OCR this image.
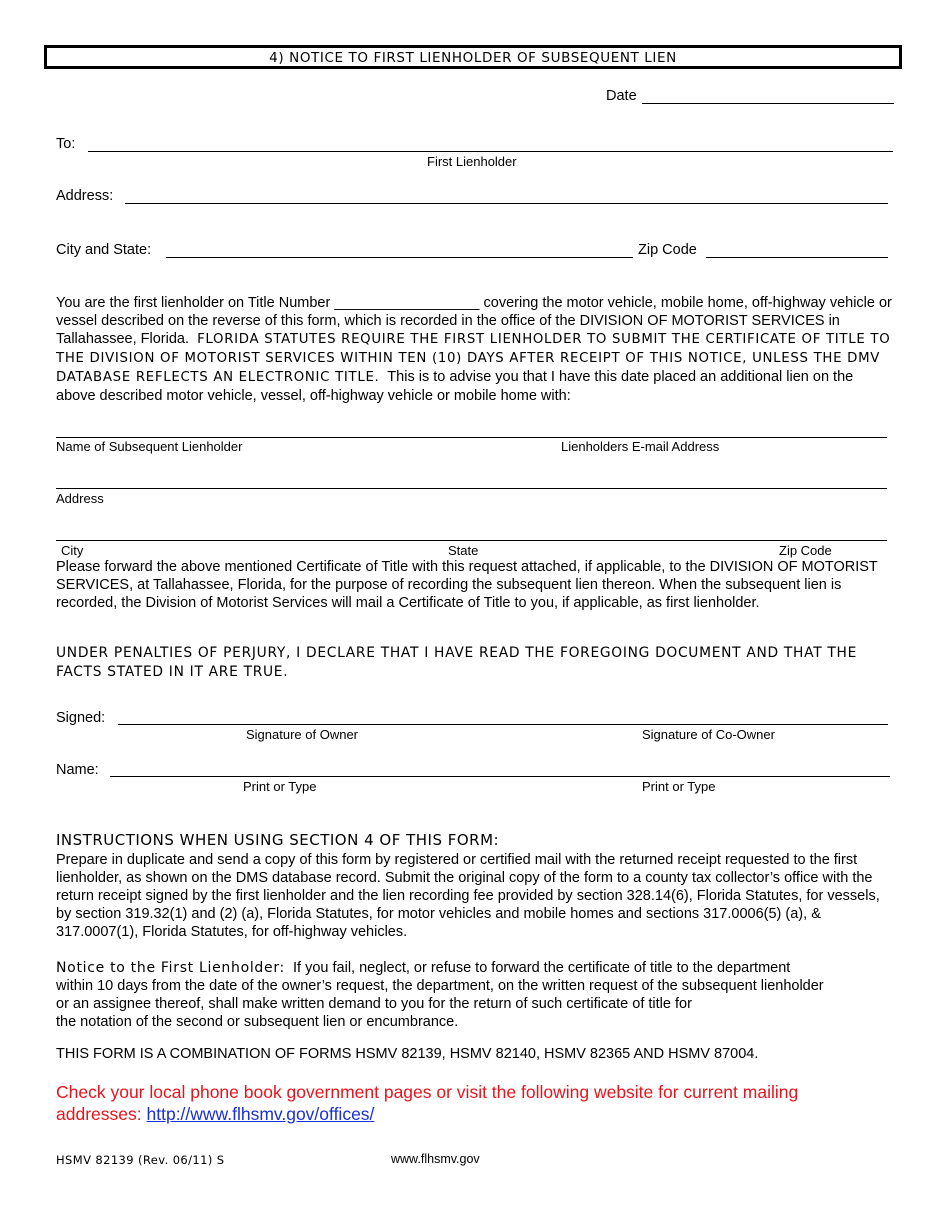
4) NOTICE TO FIRST LIENHOLDER OF SUBSEQUENT LIEN
Date
To:
First Lienholder
Address:
City and State:	Zip Code
You are the first lienholder on Title Number __________________ covering the motor vehicle, mobile home, off-highway vehicle or vessel described on the reverse of this form, which is recorded in the office of the DIVISION OF MOTORIST SERVICES in Tallahassee, Florida. FLORIDA STATUTES REQUIRE THE FIRST LIENHOLDER TO SUBMIT THE CERTIFICATE OF TITLE TO THE DIVISION OF MOTORIST SERVICES WITHIN TEN (10) DAYS AFTER RECEIPT OF THIS NOTICE, UNLESS THE DMV DATABASE REFLECTS AN ELECTRONIC TITLE. This is to advise you that I have this date placed an additional lien on the above described motor vehicle, vessel, off-highway vehicle or mobile home with:
Name of Subsequent Lienholder	Lienholders E-mail Address
Address
City	State	Zip Code
Please forward the above mentioned Certificate of Title with this request attached, if applicable, to the DIVISION OF MOTORIST SERVICES, at Tallahassee, Florida, for the purpose of recording the subsequent lien thereon. When the subsequent lien is recorded, the Division of Motorist Services will mail a Certificate of Title to you, if applicable, as first lienholder.
UNDER PENALTIES OF PERJURY, I DECLARE THAT I HAVE READ THE FOREGOING DOCUMENT AND THAT THE FACTS STATED IN IT ARE TRUE.
Signed:
Signature of Owner	Signature of Co-Owner
Name:
Print or Type	Print or Type
INSTRUCTIONS WHEN USING SECTION 4 OF THIS FORM:
Prepare in duplicate and send a copy of this form by registered or certified mail with the returned receipt requested to the first lienholder, as shown on the DMS database record. Submit the original copy of the form to a county tax collector’s office with the return receipt signed by the first lienholder and the lien recording fee provided by section 328.14(6), Florida Statutes, for vessels, by section 319.32(1) and (2) (a), Florida Statutes, for motor vehicles and mobile homes and sections 317.0006(5) (a), & 317.0007(1), Florida Statutes, for off-highway vehicles.
Notice to the First Lienholder: If you fail, neglect, or refuse to forward the certificate of title to the department
within 10 days from the date of the owner’s request, the department, on the written request of the subsequent lienholder
or an assignee thereof, shall make written demand to you for the return of such certificate of title for
the notation of the second or subsequent lien or encumbrance.
THIS FORM IS A COMBINATION OF FORMS HSMV 82139, HSMV 82140, HSMV 82365 AND HSMV 87004.
Check your local phone book government pages or visit the following website for current mailing
addresses: http://www.flhsmv.gov/offices/
HSMV 82139 (Rev. 06/11) S	www.flhsmv.gov
